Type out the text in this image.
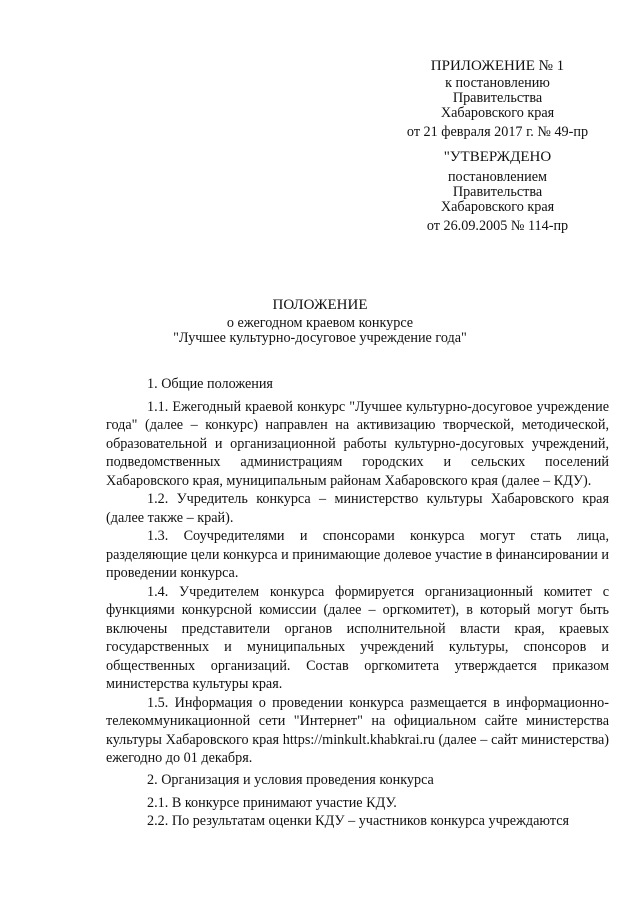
ПРИЛОЖЕНИЕ № 1
к постановлению
Правительства
Хабаровского края
от 21 февраля 2017 г. № 49-пр
"УТВЕРЖДЕНО
постановлением
Правительства
Хабаровского края
от 26.09.2005 № 114-пр
ПОЛОЖЕНИЕ
о ежегодном краевом конкурсе
"Лучшее культурно-досуговое учреждение года"
1. Общие положения
1.1. Ежегодный краевой конкурс "Лучшее культурно-досуговое учреждение года" (далее – конкурс) направлен на активизацию творческой, методической, образовательной и организационной работы культурно-досуговых учреждений, подведомственных администрациям городских и сельских поселений Хабаровского края, муниципальным районам Хабаровского края (далее – КДУ).
1.2. Учредитель конкурса – министерство культуры Хабаровского края (далее также – край).
1.3. Соучредителями и спонсорами конкурса могут стать лица, разделяющие цели конкурса и принимающие долевое участие в финансировании и проведении конкурса.
1.4. Учредителем конкурса формируется организационный комитет с функциями конкурсной комиссии (далее – оргкомитет), в который могут быть включены представители органов исполнительной власти края, краевых государственных и муниципальных учреждений культуры, спонсоров и общественных организаций. Состав оргкомитета утверждается приказом министерства культуры края.
1.5. Информация о проведении конкурса размещается в информационно-телекоммуникационной сети "Интернет" на официальном сайте министерства культуры Хабаровского края https://minkult.khabkrai.ru (далее – сайт министерства) ежегодно до 01 декабря.
2. Организация и условия проведения конкурса
2.1. В конкурсе принимают участие КДУ.
2.2. По результатам оценки КДУ – участников конкурса учреждаются
